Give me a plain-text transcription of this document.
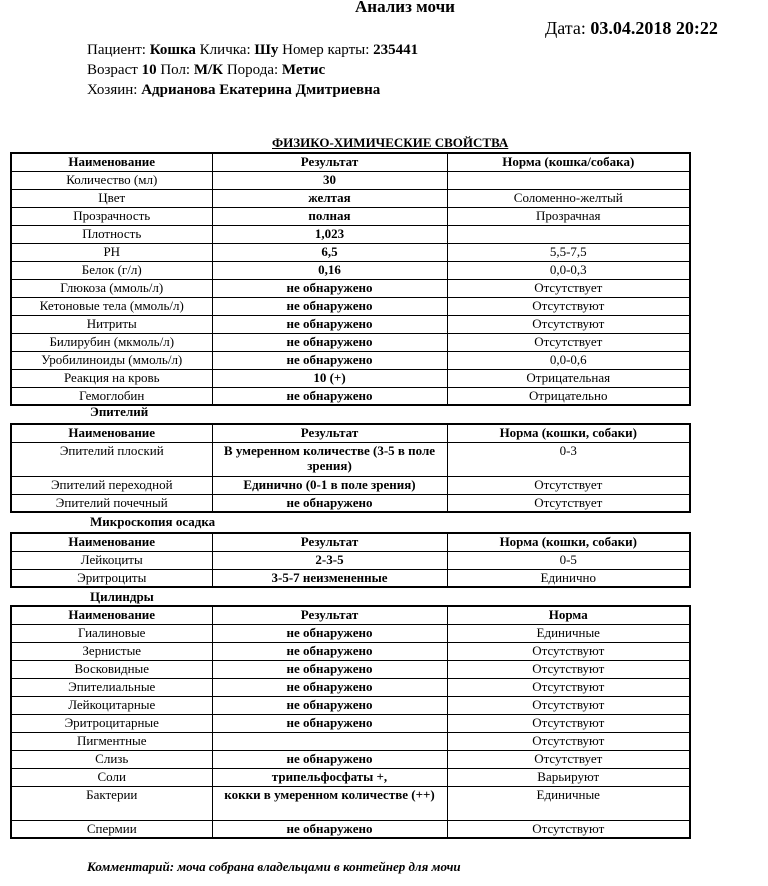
Анализ мочи
Дата: 03.04.2018 20:22
Пациент: Кошка Кличка: Шу Номер карты: 235441
Возраст 10 Пол: М/К Порода: Метис
Хозяин: Адрианова Екатерина Дмитриевна
ФИЗИКО-ХИМИЧЕСКИЕ СВОЙСТВА
Наименование	Результат	Норма (кошка/собака)
Количество (мл)	30	
Цвет	желтая	Соломенно-желтый
Прозрачность	полная	Прозрачная
Плотность	1,023	
PH	6,5	5,5-7,5
Белок (г/л)	0,16	0,0-0,3
Глюкоза (ммоль/л)	не обнаружено	Отсутствует
Кетоновые тела (ммоль/л)	не обнаружено	Отсутствуют
Нитриты	не обнаружено	Отсутствуют
Билирубин (мкмоль/л)	не обнаружено	Отсутствует
Уробилиноиды (ммоль/л)	не обнаружено	0,0-0,6
Реакция на кровь	10 (+)	Отрицательная
Гемоглобин	не обнаружено	Отрицательно
Эпителий
Наименование	Результат	Норма (кошки, собаки)
Эпителий плоский	В умеренном количестве (3-5 в поле зрения)	0-3
Эпителий переходной	Единично (0-1 в поле зрения)	Отсутствует
Эпителий почечный	не обнаружено	Отсутствует
Микроскопия осадка
Наименование	Результат	Норма (кошки, собаки)
Лейкоциты	2-3-5	0-5
Эритроциты	3-5-7 неизмененные	Единично
Цилиндры
Наименование	Результат	Норма
Гиалиновые	не обнаружено	Единичные
Зернистые	не обнаружено	Отсутствуют
Восковидные	не обнаружено	Отсутствуют
Эпителиальные	не обнаружено	Отсутствуют
Лейкоцитарные	не обнаружено	Отсутствуют
Эритроцитарные	не обнаружено	Отсутствуют
Пигментные		Отсутствуют
Слизь	не обнаружено	Отсутствует
Соли	трипельфосфаты +,	Варьируют
Бактерии	кокки в умеренном количестве (++)	Единичные
Спермии	не обнаружено	Отсутствуют
Комментарий: моча собрана владельцами в контейнер для мочи
